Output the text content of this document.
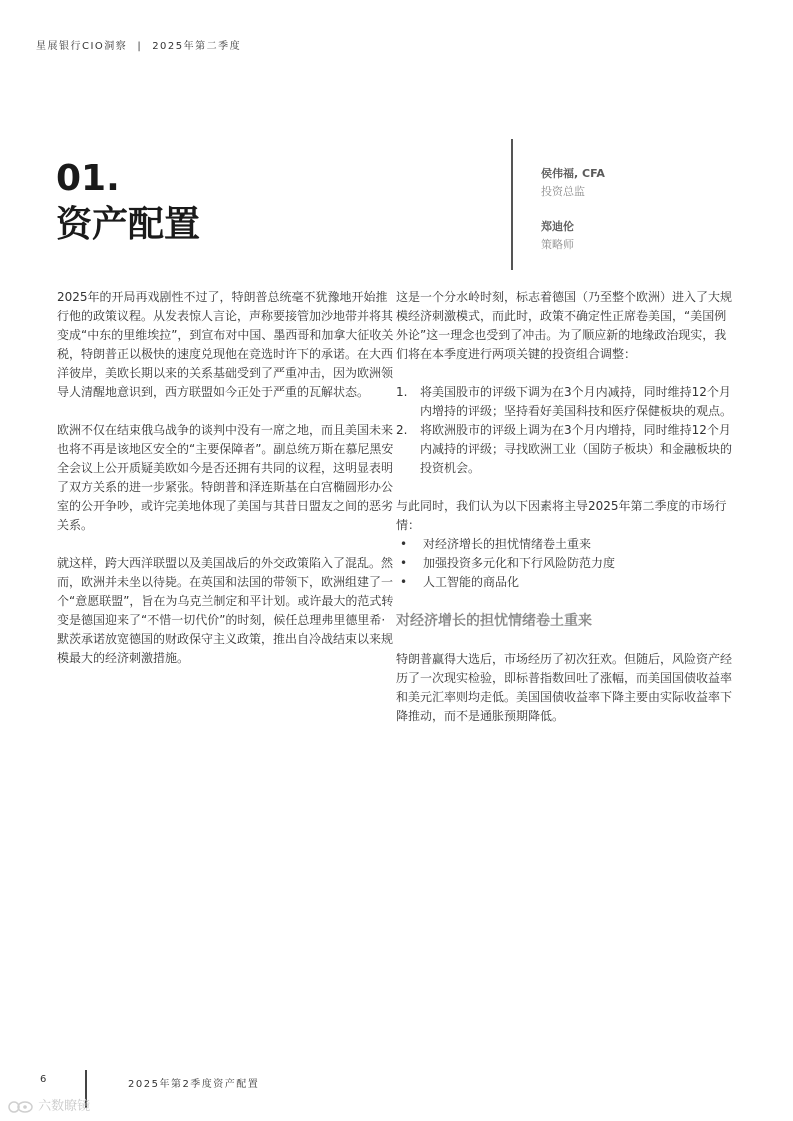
星展银行CIO洞察 | 2025年第二季度
01.
资产配置
侯伟福, CFA
投资总监
郑迪伦
策略师

2025年的开局再戏剧性不过了，特朗普总统毫不犹豫地开始推行他的政策议程。从发表惊人言论，声称要接管加沙地带并将其变成“中东的里维埃拉”，到宣布对中国、墨西哥和加拿大征收关税，特朗普正以极快的速度兑现他在竞选时许下的承诺。在大西洋彼岸，美欧长期以来的关系基础受到了严重冲击，因为欧洲领导人清醒地意识到，西方联盟如今正处于严重的瓦解状态。

欧洲不仅在结束俄乌战争的谈判中没有一席之地，而且美国未来也将不再是该地区安全的“主要保障者”。副总统万斯在慕尼黑安全会议上公开质疑美欧如今是否还拥有共同的议程，这明显表明了双方关系的进一步紧张。特朗普和泽连斯基在白宫椭圆形办公室的公开争吵，或许完美地体现了美国与其昔日盟友之间的恶劣关系。

就这样，跨大西洋联盟以及美国战后的外交政策陷入了混乱。然而，欧洲并未坐以待毙。在英国和法国的带领下，欧洲组建了一个“意愿联盟”，旨在为乌克兰制定和平计划。或许最大的范式转变是德国迎来了“不惜一切代价”的时刻，候任总理弗里德里希·默茨承诺放宽德国的财政保守主义政策，推出自冷战结束以来规模最大的经济刺激措施。

这是一个分水岭时刻，标志着德国（乃至整个欧洲）进入了大规模经济刺激模式，而此时，政策不确定性正席卷美国，“美国例外论”这一理念也受到了冲击。为了顺应新的地缘政治现实，我们将在本季度进行两项关键的投资组合调整：

1. 将美国股市的评级下调为在3个月内减持，同时维持12个月内增持的评级；坚持看好美国科技和医疗保健板块的观点。
2. 将欧洲股市的评级上调为在3个月内增持，同时维持12个月内减持的评级；寻找欧洲工业（国防子板块）和金融板块的投资机会。
与此同时，我们认为以下因素将主导2025年第二季度的市场行情：
• 对经济增长的担忧情绪卷土重来
• 加强投资多元化和下行风险防范力度
• 人工智能的商品化
对经济增长的担忧情绪卷土重来

特朗普赢得大选后，市场经历了初次狂欢。但随后，风险资产经历了一次现实检验，即标普指数回吐了涨幅，而美国国债收益率和美元汇率则均走低。美国国债收益率下降主要由实际收益率下降推动，而不是通胀预期降低。

6	2025年第2季度资产配置
六数瞭镜
